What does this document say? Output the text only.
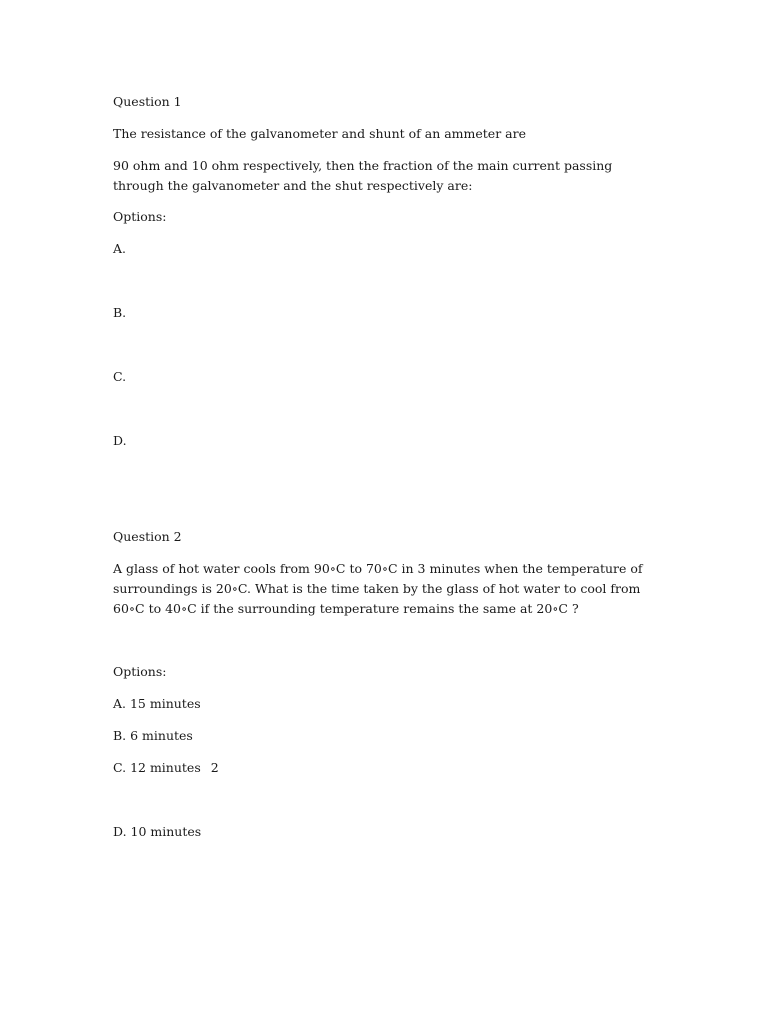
Question 1
The resistance of the galvanometer and shunt of an ammeter are
90 ohm and 10 ohm respectively, then the fraction of the main current passing through the galvanometer and the shut respectively are:
Options:
A.
B.
C.
D.
Question 2
A glass of hot water cools from 90∘C to 70∘C in 3 minutes when the temperature of surroundings is 20∘C. What is the time taken by the glass of hot water to cool from 60∘C to 40∘C if the surrounding temperature remains the same at 20∘C ?
Options:
A. 15 minutes
B. 6 minutes
C. 12 minutes 2
D. 10 minutes
